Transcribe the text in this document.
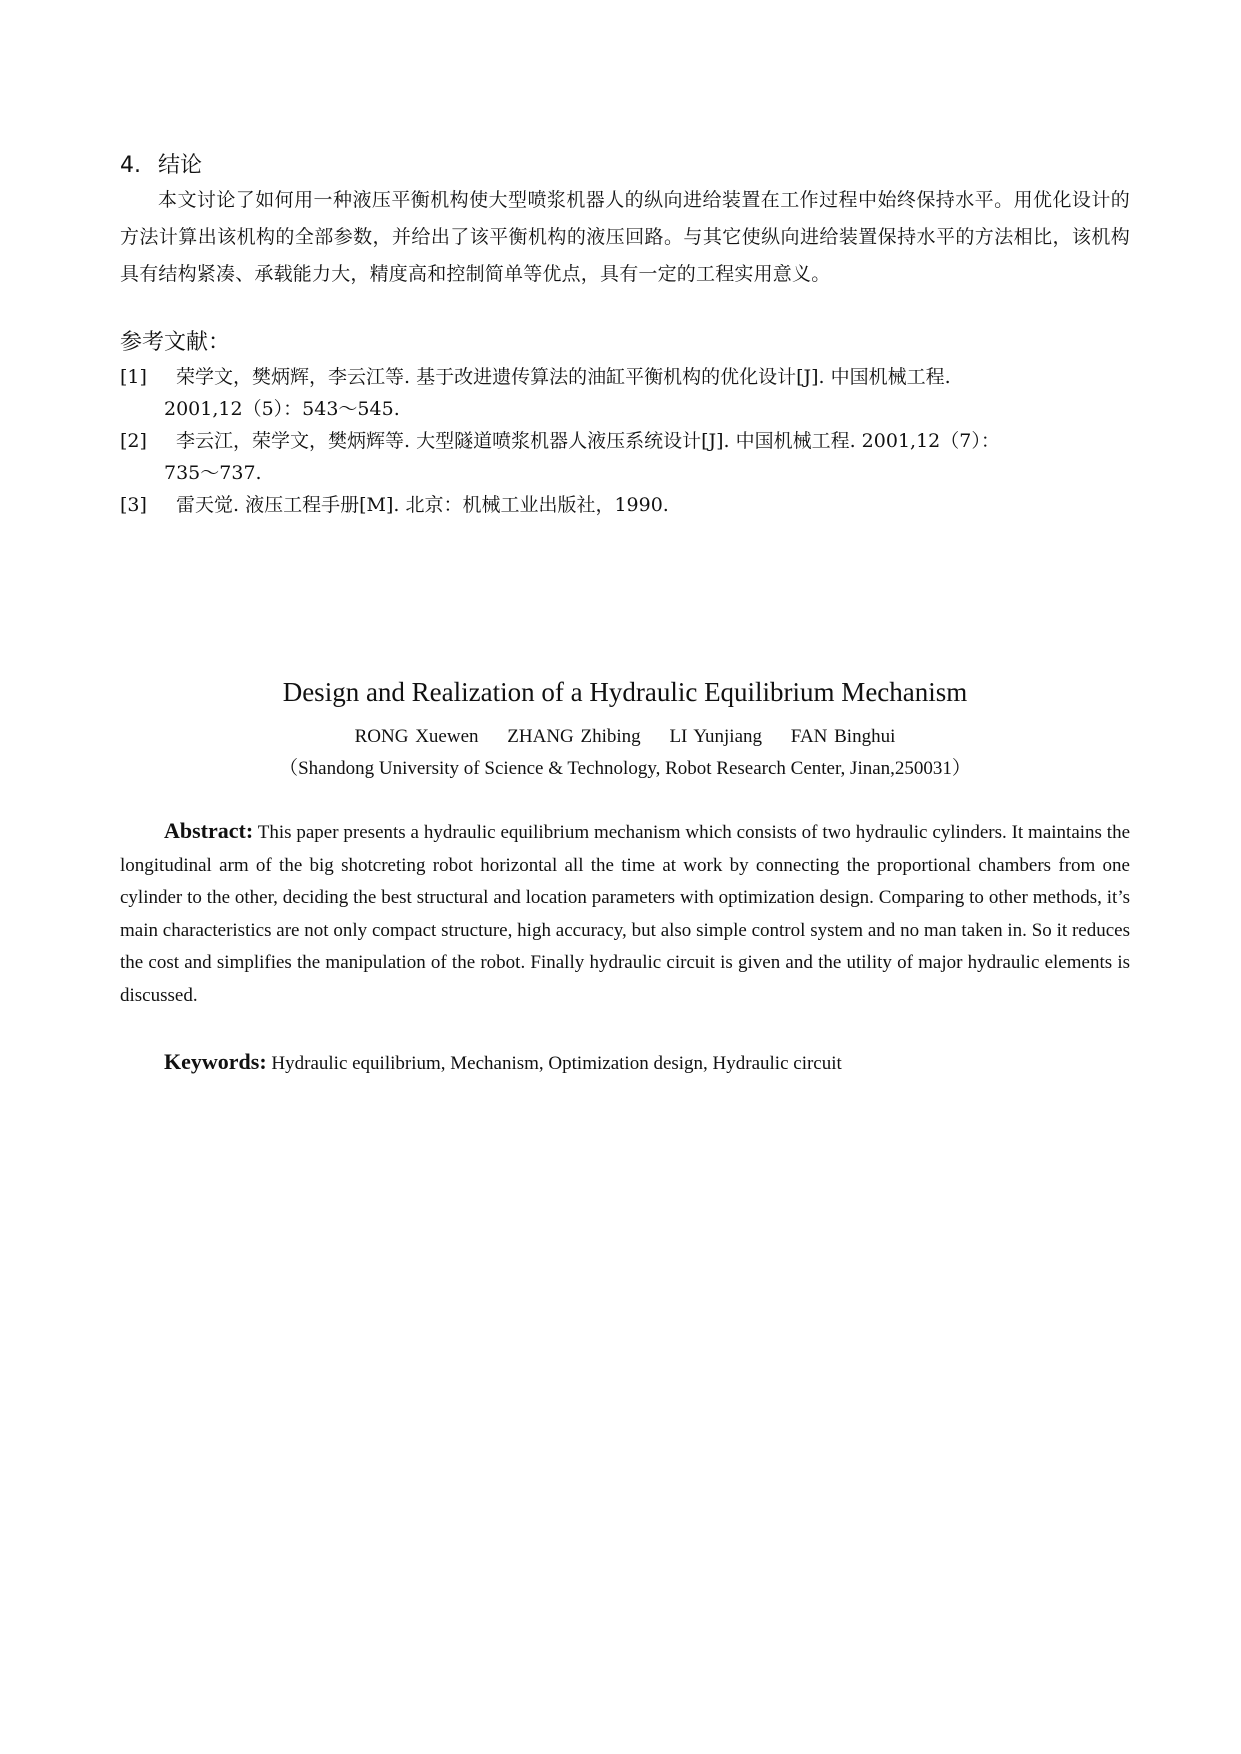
4. 结论

本文讨论了如何用一种液压平衡机构使大型喷浆机器人的纵向进给装置在工作过程中始终保持水平。用优化设计的方法计算出该机构的全部参数，并给出了该平衡机构的液压回路。与其它使纵向进给装置保持水平的方法相比，该机构具有结构紧凑、承载能力大，精度高和控制简单等优点，具有一定的工程实用意义。

参考文献：
[1]	荣学文，樊炳辉，李云江等. 基于改进遗传算法的油缸平衡机构的优化设计[J]. 中国机械工程.
2001,12（5）：543～545.
[2]	李云江，荣学文，樊炳辉等. 大型隧道喷浆机器人液压系统设计[J]. 中国机械工程. 2001,12（7）：
735～737.
[3]	雷天觉. 液压工程手册[M]. 北京：机械工业出版社，1990.
Design and Realization of a Hydraulic Equilibrium Mechanism

RONG Xuewen ZHANG Zhibing LI Yunjiang FAN Binghui

（Shandong University of Science & Technology, Robot Research Center, Jinan,250031）

Abstract: This paper presents a hydraulic equilibrium mechanism which consists of two hydraulic cylinders. It maintains the longitudinal arm of the big shotcreting robot horizontal all the time at work by connecting the proportional chambers from one cylinder to the other, deciding the best structural and location parameters with optimization design. Comparing to other methods, it’s main characteristics are not only compact structure, high accuracy, but also simple control system and no man taken in. So it reduces the cost and simplifies the manipulation of the robot. Finally hydraulic circuit is given and the utility of major hydraulic elements is discussed.

Keywords: Hydraulic equilibrium, Mechanism, Optimization design, Hydraulic circuit
